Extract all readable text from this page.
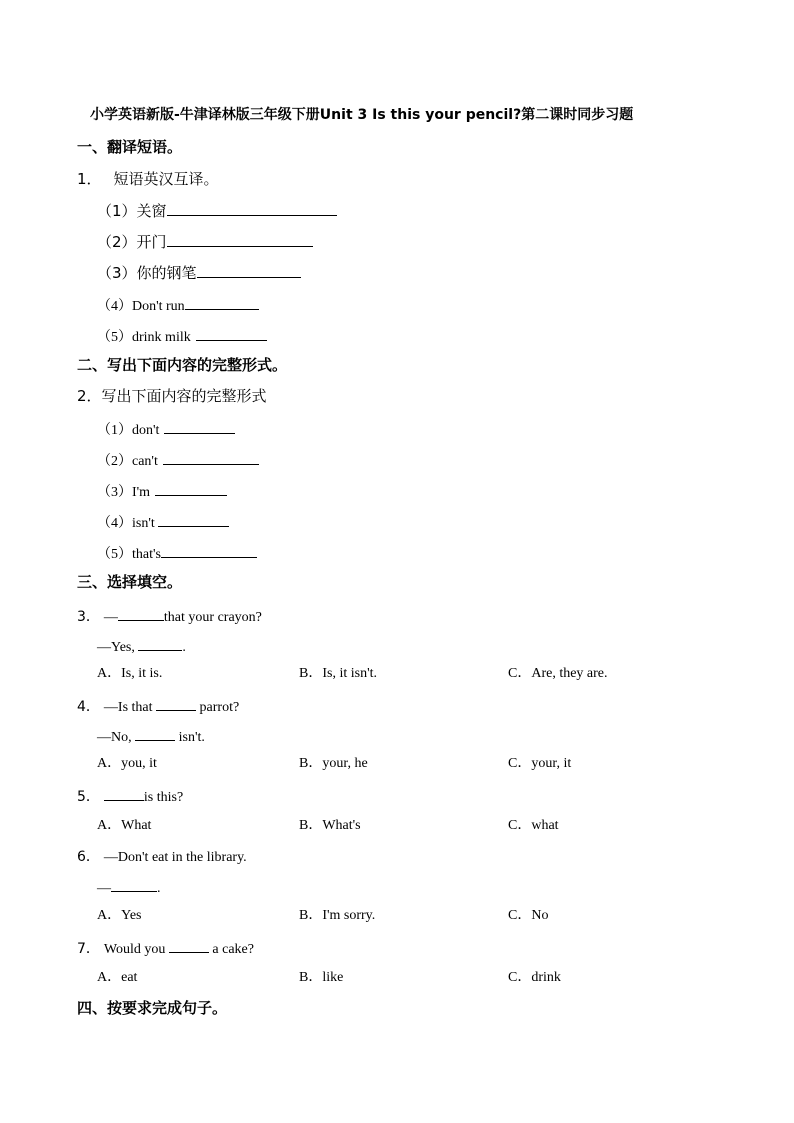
小学英语新版-牛津译林版三年级下册Unit 3 Is this your pencil?第二课时同步习题
一、翻译短语。
1． 短语英汉互译。
（1）关窗
（2）开门
（3）你的钢笔
（4）Don't run
（5）drink milk
二、写出下面内容的完整形式。
2．写出下面内容的完整形式
（1）don't
（2）can't
（3）I'm
（4）isn't
（5）that's
三、选择填空。
3． —	that your crayon?
—Yes,	.
A．Is, it is.	B．Is, it isn't.	C．Are, they are.
4． —Is that	parrot?
—No,	isn't.
A．you, it	B．your, he	C．your, it
5．	is this?
A．What	B．What's	C．what
6． —Don't eat in the library.
—	.
A．Yes	B．I'm sorry.	C．No
7． Would you	a cake?
A．eat	B．like	C．drink
四、按要求完成句子。
